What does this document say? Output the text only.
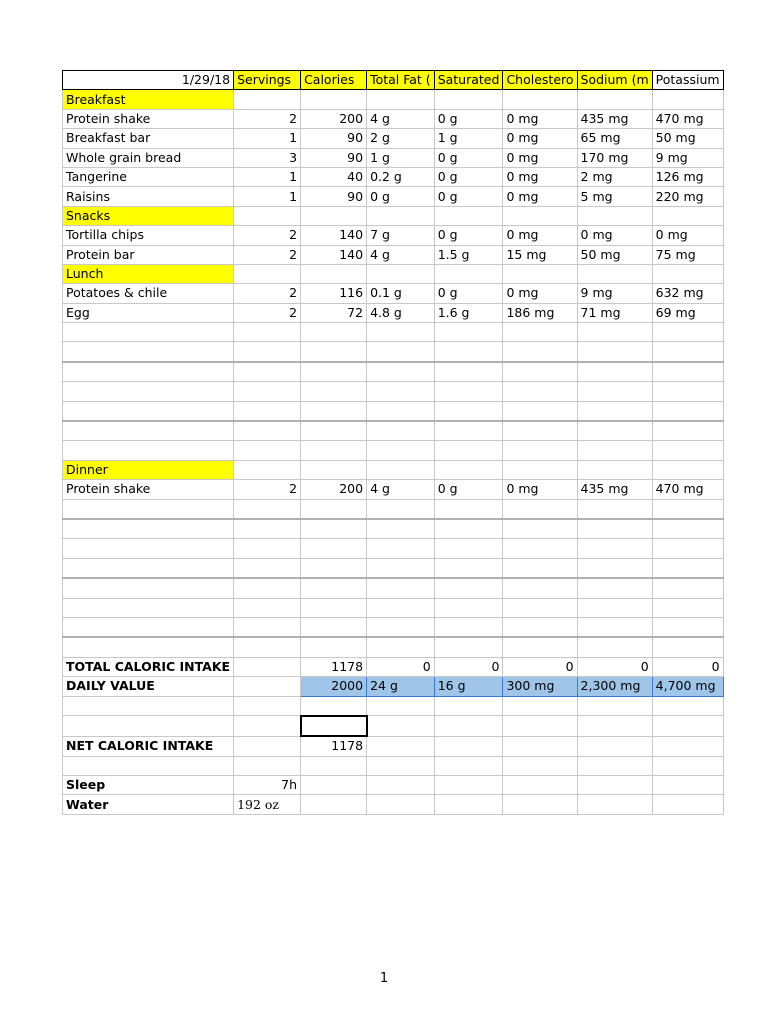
1/29/18	Servings	Calories	Total Fat (	Saturated	Cholestero	Sodium (m	Potassium
Breakfast							
Protein shake	2	200	4 g	0 g	0 mg	435 mg	470 mg
Breakfast bar	1	90	2 g	1 g	0 mg	65 mg	50 mg
Whole grain bread	3	90	1 g	0 g	0 mg	170 mg	9 mg
Tangerine	1	40	0.2 g	0 g	0 mg	2 mg	126 mg
Raisins	1	90	0 g	0 g	0 mg	5 mg	220 mg
Snacks							
Tortilla chips	2	140	7 g	0 g	0 mg	0 mg	0 mg
Protein bar	2	140	4 g	1.5 g	15 mg	50 mg	75 mg
Lunch							
Potatoes & chile	2	116	0.1 g	0 g	0 mg	9 mg	632 mg
Egg	2	72	4.8 g	1.6 g	186 mg	71 mg	69 mg

Dinner							
Protein shake	2	200	4 g	0 g	0 mg	435 mg	470 mg

TOTAL CALORIC INTAKE		1178	0	0	0	0	0
DAILY VALUE		2000	24 g	16 g	300 mg	2,300 mg	4,700 mg

NET CALORIC INTAKE		1178					

Sleep	7h						
Water	192 oz						
1
